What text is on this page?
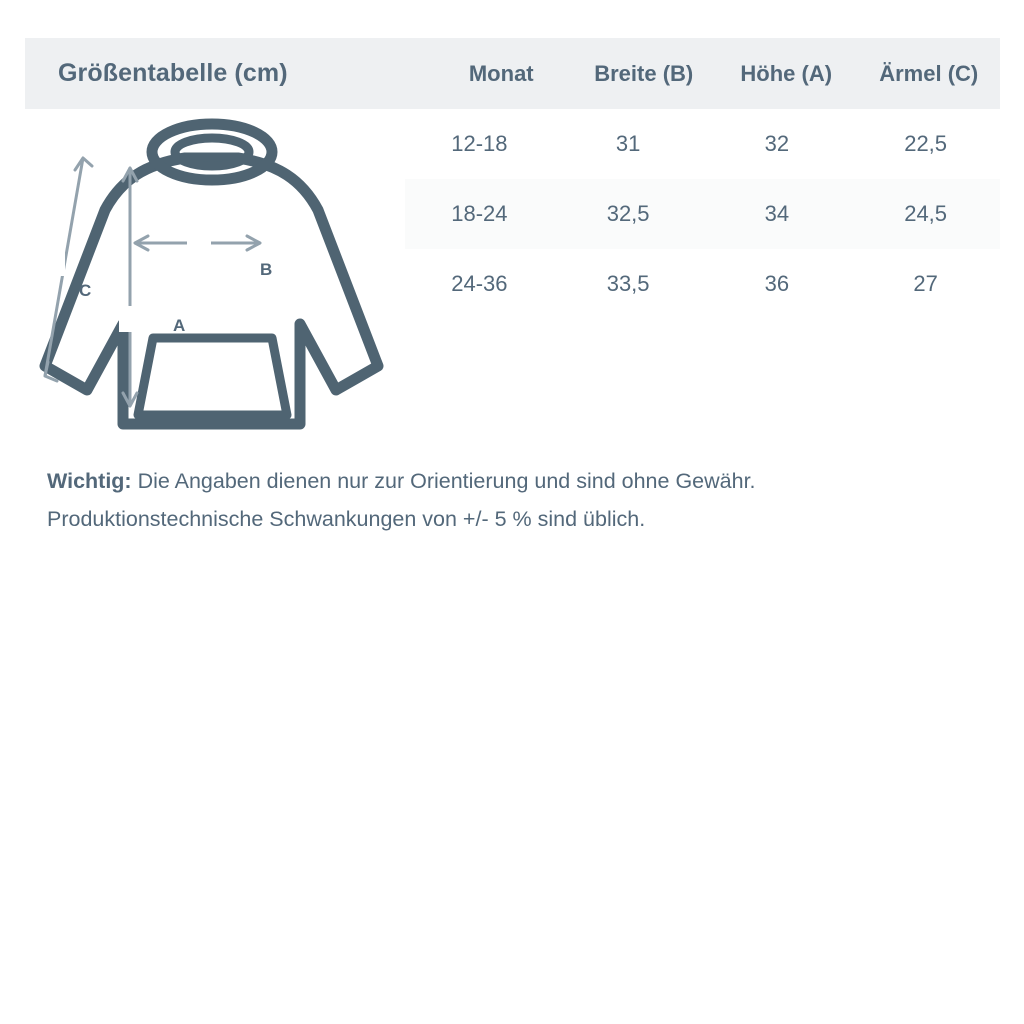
Größentabelle (cm)	Monat	Breite (B)	Höhe (A)	Ärmel (C)
12-18	31	32	22,5
18-24	32,5	34	24,5
24-36	33,5	36	27
C
B
A
Wichtig: Die Angaben dienen nur zur Orientierung und sind ohne Gewähr.
Produktionstechnische Schwankungen von +/- 5 % sind üblich.
